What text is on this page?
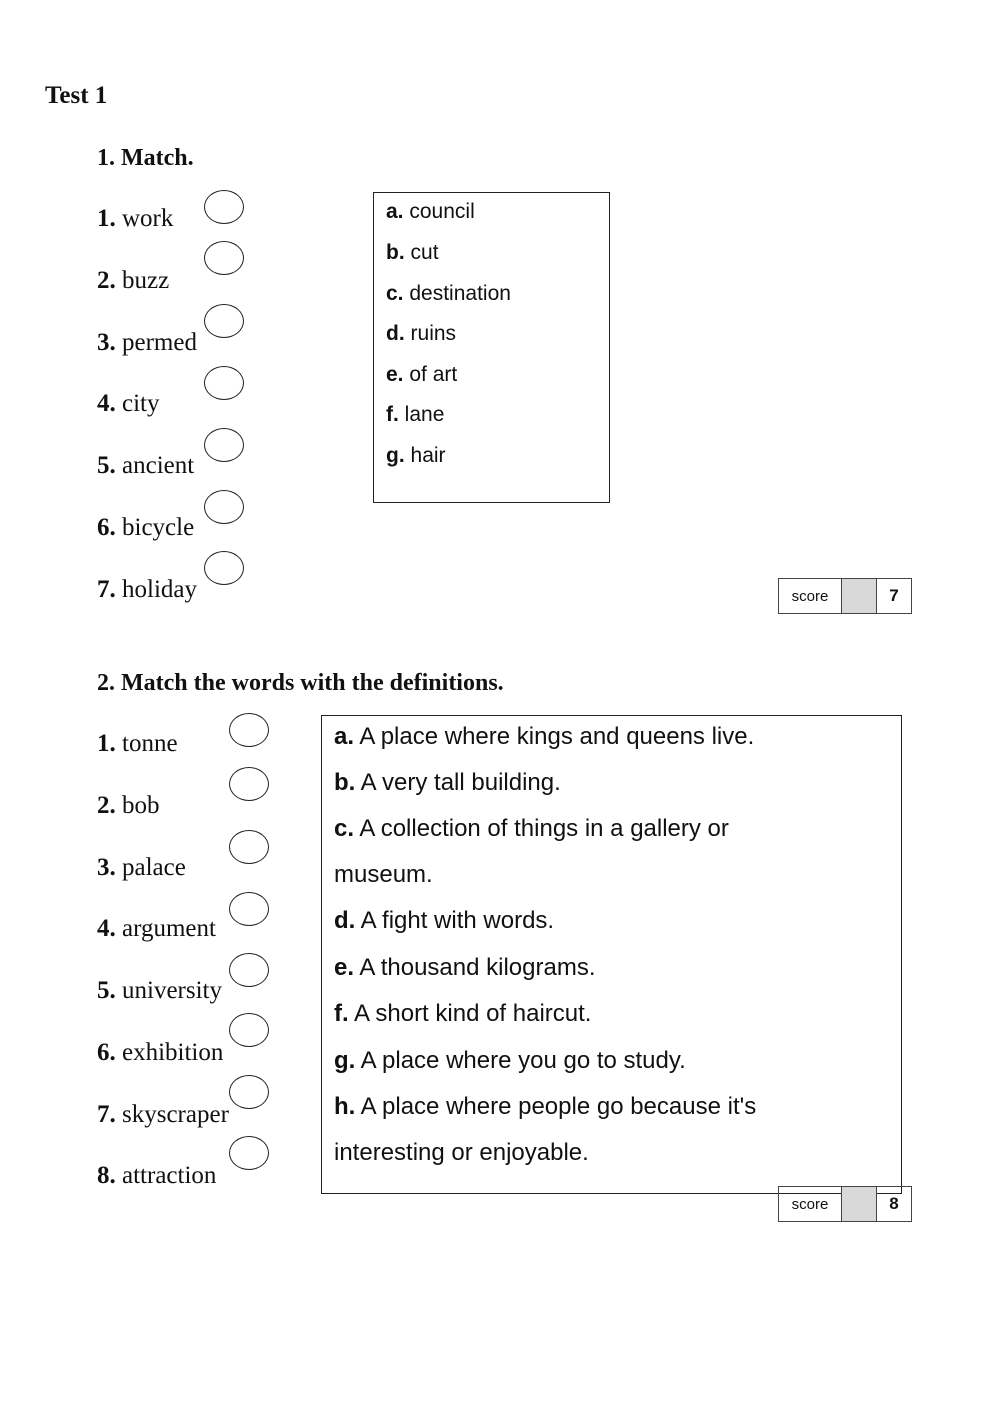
Test 1
1. Match.
1. work
2. buzz
3. permed
4. city
5. ancient
6. bicycle
7. holiday
a. council
b. cut
c. destination
d. ruins
e. of art
f. lane
g. hair
score	7
2. Match the words with the definitions.
1. tonne
2. bob
3. palace
4. argument
5. university
6. exhibition
7. skyscraper
8. attraction
a. A place where kings and queens live.
b. A very tall building.
c. A collection of things in a gallery or
museum.
d. A fight with words.
e. A thousand kilograms.
f. A short kind of haircut.
g. A place where you go to study.
h. A place where people go because it's
interesting or enjoyable.
score	8
